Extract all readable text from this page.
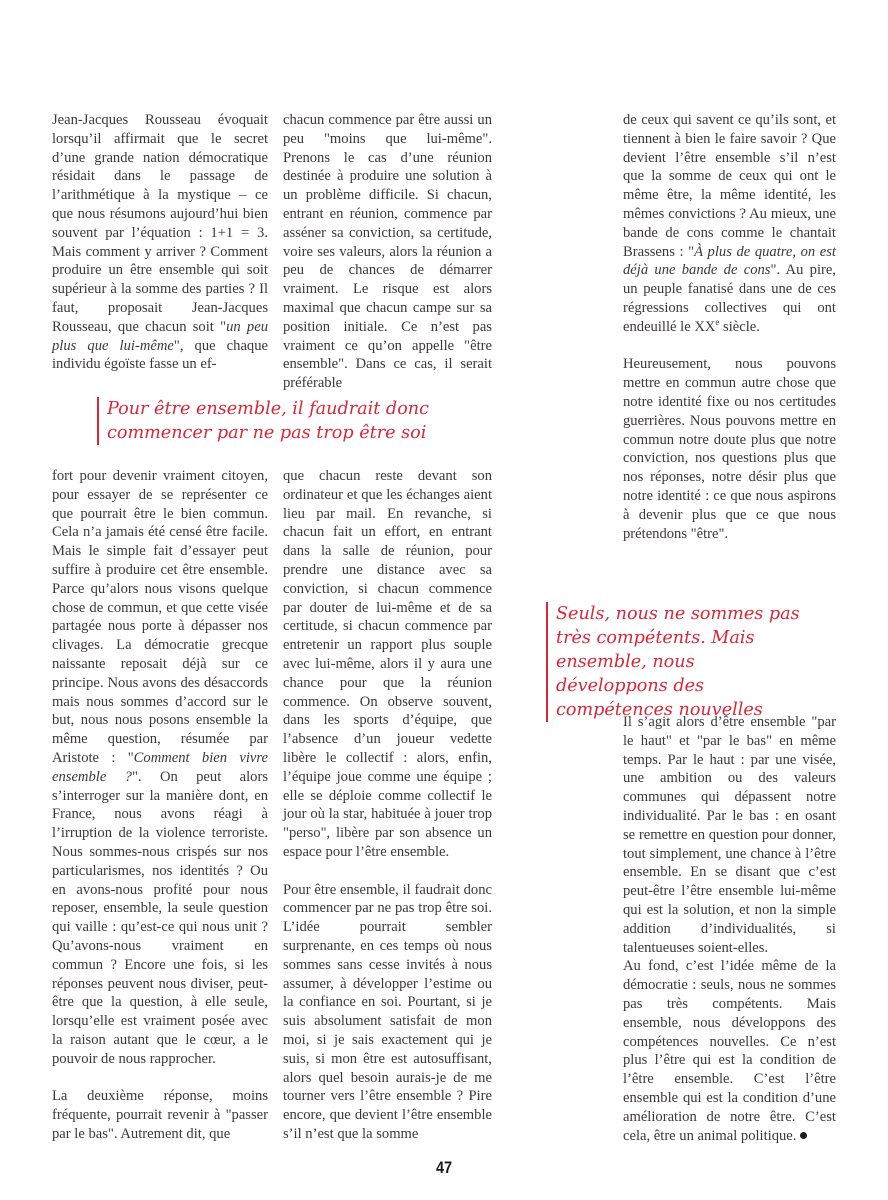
Jean-Jacques Rousseau évoquait lorsqu’il affirmait que le secret d’une grande nation démocratique résidait dans le passage de l’arithmétique à la mystique – ce que nous résumons aujourd’hui bien souvent par l’équation : 1+1 = 3. Mais comment y arriver ? Comment produire un être ensemble qui soit supérieur à la somme des parties ? Il faut, proposait Jean-Jacques Rousseau, que chacun soit "un peu plus que lui-même", que chaque individu égoïste fasse un ef-

chacun commence par être aussi un peu "moins que lui-même". Prenons le cas d’une réunion destinée à produire une solution à un problème difficile. Si chacun, entrant en réunion, commence par asséner sa conviction, sa certitude, voire ses valeurs, alors la réunion a peu de chances de démarrer vraiment. Le risque est alors maximal que chacun campe sur sa position initiale. Ce n’est pas vraiment ce qu’on appelle "être ensemble". Dans ce cas, il serait préférable

Pour être ensemble, il faudrait donc commencer par ne pas trop être soi

fort pour devenir vraiment citoyen, pour essayer de se représenter ce que pourrait être le bien commun. Cela n’a jamais été censé être facile. Mais le simple fait d’essayer peut suffire à produire cet être ensemble. Parce qu’alors nous visons quelque chose de commun, et que cette visée partagée nous porte à dépasser nos clivages. La démocratie grecque naissante reposait déjà sur ce principe. Nous avons des désaccords mais nous sommes d’accord sur le but, nous nous posons ensemble la même question, résumée par Aristote : "Comment bien vivre ensemble ?". On peut alors s’interroger sur la manière dont, en France, nous avons réagi à l’irruption de la violence terroriste. Nous sommes-nous crispés sur nos particularismes, nos identités ? Ou en avons-nous profité pour nous reposer, ensemble, la seule question qui vaille : qu’est-ce qui nous unit ? Qu’avons-nous vraiment en commun ? Encore une fois, si les réponses peuvent nous diviser, peut-être que la question, à elle seule, lorsqu’elle est vraiment posée avec la raison autant que le cœur, a le pouvoir de nous rapprocher.

La deuxième réponse, moins fréquente, pourrait revenir à "passer par le bas". Autrement dit, que

que chacun reste devant son ordinateur et que les échanges aient lieu par mail. En revanche, si chacun fait un effort, en entrant dans la salle de réunion, pour prendre une distance avec sa conviction, si chacun commence par douter de lui-même et de sa certitude, si chacun commence par entretenir un rapport plus souple avec lui-même, alors il y aura une chance pour que la réunion commence. On observe souvent, dans les sports d’équipe, que l’absence d’un joueur vedette libère le collectif : alors, enfin, l’équipe joue comme une équipe ; elle se déploie comme collectif le jour où la star, habituée à jouer trop "perso", libère par son absence un espace pour l’être ensemble.

Pour être ensemble, il faudrait donc commencer par ne pas trop être soi. L’idée pourrait sembler surprenante, en ces temps où nous sommes sans cesse invités à nous assumer, à développer l’estime ou la confiance en soi. Pourtant, si je suis absolument satisfait de mon moi, si je sais exactement qui je suis, si mon être est autosuffisant, alors quel besoin aurais-je de me tourner vers l’être ensemble ? Pire encore, que devient l’être ensemble s’il n’est que la somme

de ceux qui savent ce qu’ils sont, et tiennent à bien le faire savoir ? Que devient l’être ensemble s’il n’est que la somme de ceux qui ont le même être, la même identité, les mêmes convictions ? Au mieux, une bande de cons comme le chantait Brassens : "À plus de quatre, on est déjà une bande de cons". Au pire, un peuple fanatisé dans une de ces régressions collectives qui ont endeuillé le XXe siècle.

Heureusement, nous pouvons mettre en commun autre chose que notre identité fixe ou nos certitudes guerrières. Nous pouvons mettre en commun notre doute plus que notre conviction, nos questions plus que nos réponses, notre désir plus que notre identité : ce que nous aspirons à devenir plus que ce que nous prétendons "être".

Seuls, nous ne sommes pas très compétents. Mais ensemble, nous développons des compétences nouvelles

Il s’agit alors d’être ensemble "par le haut" et "par le bas" en même temps. Par le haut : par une visée, une ambition ou des valeurs communes qui dépassent notre individualité. Par le bas : en osant se remettre en question pour donner, tout simplement, une chance à l’être ensemble. En se disant que c’est peut-être l’être ensemble lui-même qui est la solution, et non la simple addition d’individualités, si talentueuses soient-elles.

Au fond, c’est l’idée même de la démocratie : seuls, nous ne sommes pas très compétents. Mais ensemble, nous développons des compétences nouvelles. Ce n’est plus l’être qui est la condition de l’être ensemble. C’est l’être ensemble qui est la condition d’une amélioration de notre être. C’est cela, être un animal politique.

47
